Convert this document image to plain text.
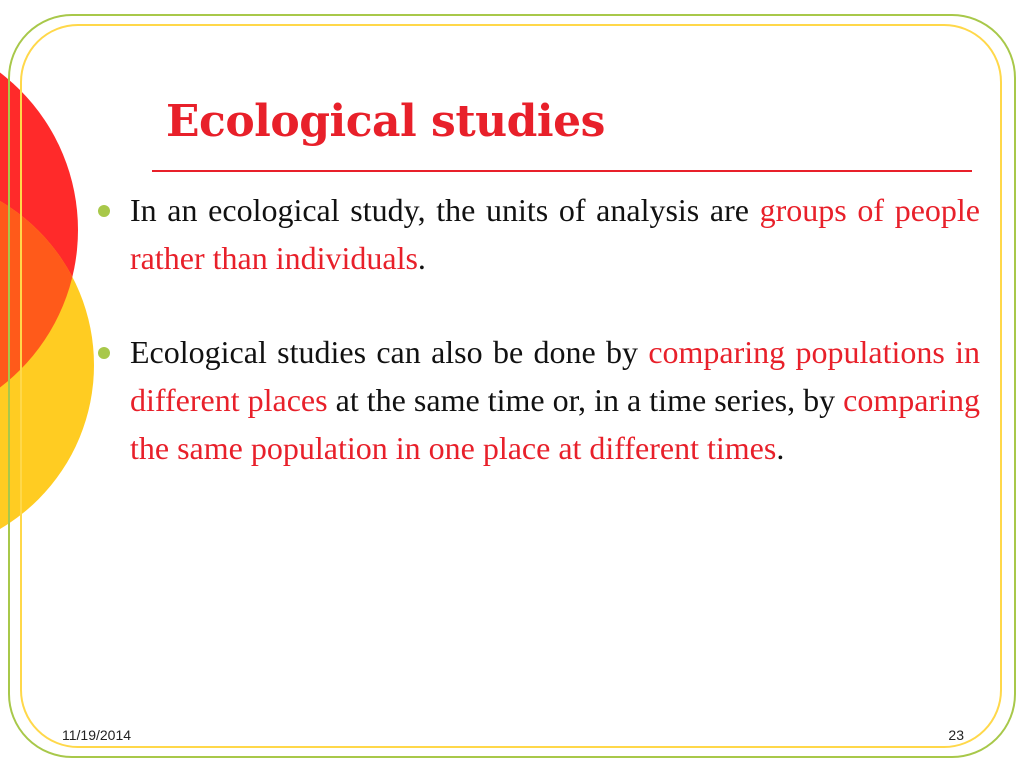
Ecological studies
In an ecological study, the units of analysis are groups of people rather than individuals.
Ecological studies can also be done by comparing populations in different places at the same time or, in a time series, by comparing the same population in one place at different times.
11/19/2014	23
